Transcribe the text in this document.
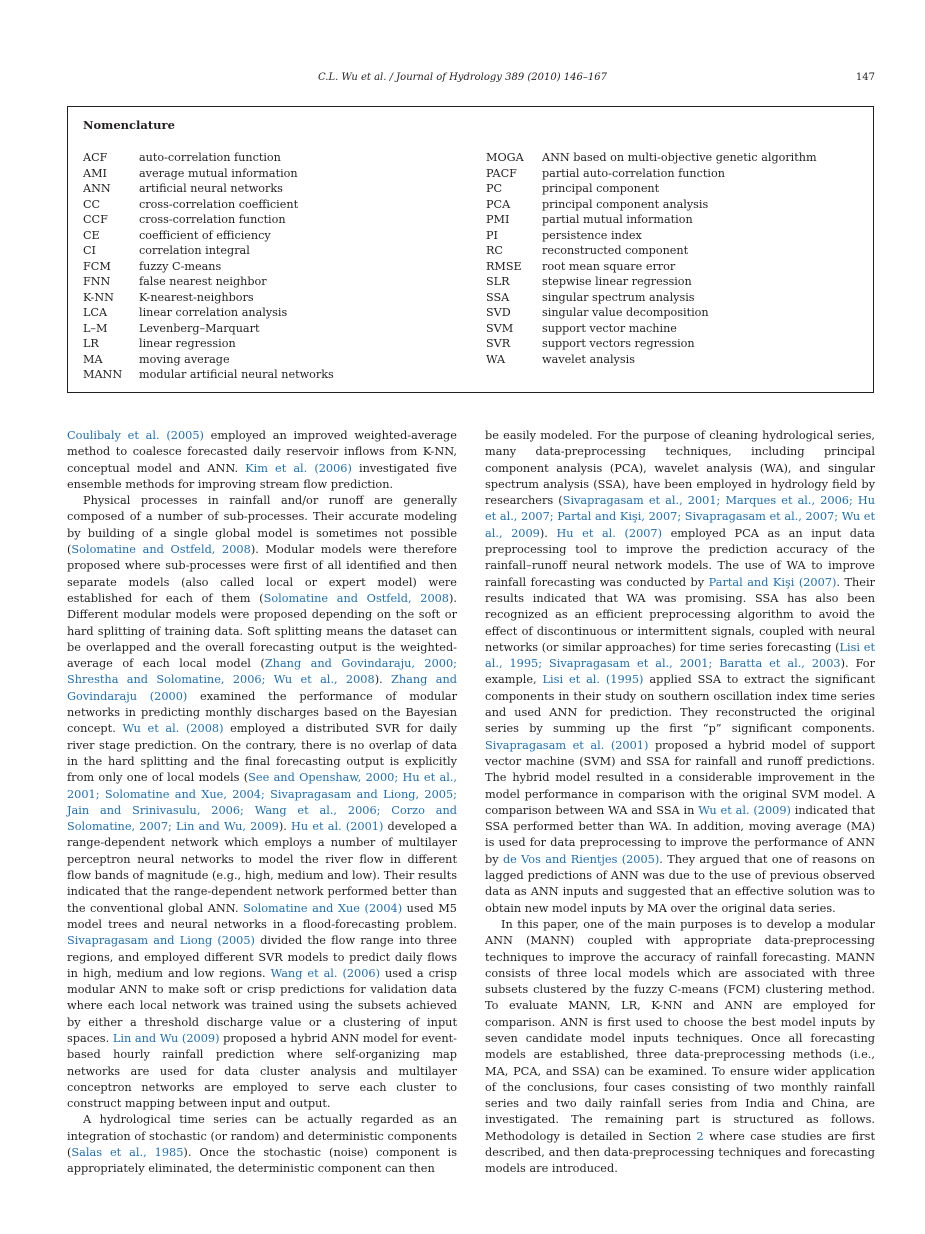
C.L. Wu et al. / Journal of Hydrology 389 (2010) 146–167	147
Nomenclature
ACF	auto-correlation function
AMI	average mutual information
ANN	artificial neural networks
CC	cross-correlation coefficient
CCF	cross-correlation function
CE	coefficient of efficiency
CI	correlation integral
FCM	fuzzy C-means
FNN	false nearest neighbor
K-NN	K-nearest-neighbors
LCA	linear correlation analysis
L–M	Levenberg–Marquart
LR	linear regression
MA	moving average
MANN	modular artificial neural networks
MOGA	ANN based on multi-objective genetic algorithm
PACF	partial auto-correlation function
PC	principal component
PCA	principal component analysis
PMI	partial mutual information
PI	persistence index
RC	reconstructed component
RMSE	root mean square error
SLR	stepwise linear regression
SSA	singular spectrum analysis
SVD	singular value decomposition
SVM	support vector machine
SVR	support vectors regression
WA	wavelet analysis

Coulibaly et al. (2005) employed an improved weighted-average method to coalesce forecasted daily reservoir inflows from K-NN, conceptual model and ANN. Kim et al. (2006) investigated five ensemble methods for improving stream flow prediction.

Physical processes in rainfall and/or runoff are generally composed of a number of sub-processes. Their accurate modeling by building of a single global model is sometimes not possible (Solomatine and Ostfeld, 2008). Modular models were therefore proposed where sub-processes were first of all identified and then separate models (also called local or expert model) were established for each of them (Solomatine and Ostfeld, 2008). Different modular models were proposed depending on the soft or hard splitting of training data. Soft splitting means the dataset can be overlapped and the overall forecasting output is the weighted-average of each local model (Zhang and Govindaraju, 2000; Shrestha and Solomatine, 2006; Wu et al., 2008). Zhang and Govindaraju (2000) examined the performance of modular networks in predicting monthly discharges based on the Bayesian concept. Wu et al. (2008) employed a distributed SVR for daily river stage prediction. On the contrary, there is no overlap of data in the hard splitting and the final forecasting output is explicitly from only one of local models (See and Openshaw, 2000; Hu et al., 2001; Solomatine and Xue, 2004; Sivapragasam and Liong, 2005; Jain and Srinivasulu, 2006; Wang et al., 2006; Corzo and Solomatine, 2007; Lin and Wu, 2009). Hu et al. (2001) developed a range-dependent network which employs a number of multilayer perceptron neural networks to model the river flow in different flow bands of magnitude (e.g., high, medium and low). Their results indicated that the range-dependent network performed better than the conventional global ANN. Solomatine and Xue (2004) used M5 model trees and neural networks in a flood-forecasting problem. Sivapragasam and Liong (2005) divided the flow range into three regions, and employed different SVR models to predict daily flows in high, medium and low regions. Wang et al. (2006) used a crisp modular ANN to make soft or crisp predictions for validation data where each local network was trained using the subsets achieved by either a threshold discharge value or a clustering of input spaces. Lin and Wu (2009) proposed a hybrid ANN model for event-based hourly rainfall prediction where self-organizing map networks are used for data cluster analysis and multilayer conceptron networks are employed to serve each cluster to construct mapping between input and output.

A hydrological time series can be actually regarded as an integration of stochastic (or random) and deterministic components (Salas et al., 1985). Once the stochastic (noise) component is appropriately eliminated, the deterministic component can then

be easily modeled. For the purpose of cleaning hydrological series, many data-preprocessing techniques, including principal component analysis (PCA), wavelet analysis (WA), and singular spectrum analysis (SSA), have been employed in hydrology field by researchers (Sivapragasam et al., 2001; Marques et al., 2006; Hu et al., 2007; Partal and Kişi, 2007; Sivapragasam et al., 2007; Wu et al., 2009). Hu et al. (2007) employed PCA as an input data preprocessing tool to improve the prediction accuracy of the rainfall–runoff neural network models. The use of WA to improve rainfall forecasting was conducted by Partal and Kişi (2007). Their results indicated that WA was promising. SSA has also been recognized as an efficient preprocessing algorithm to avoid the effect of discontinuous or intermittent signals, coupled with neural networks (or similar approaches) for time series forecasting (Lisi et al., 1995; Sivapragasam et al., 2001; Baratta et al., 2003). For example, Lisi et al. (1995) applied SSA to extract the significant components in their study on southern oscillation index time series and used ANN for prediction. They reconstructed the original series by summing up the first “p” significant components. Sivapragasam et al. (2001) proposed a hybrid model of support vector machine (SVM) and SSA for rainfall and runoff predictions. The hybrid model resulted in a considerable improvement in the model performance in comparison with the original SVM model. A comparison between WA and SSA in Wu et al. (2009) indicated that SSA performed better than WA. In addition, moving average (MA) is used for data preprocessing to improve the performance of ANN by de Vos and Rientjes (2005). They argued that one of reasons on lagged predictions of ANN was due to the use of previous observed data as ANN inputs and suggested that an effective solution was to obtain new model inputs by MA over the original data series.

In this paper, one of the main purposes is to develop a modular ANN (MANN) coupled with appropriate data-preprocessing techniques to improve the accuracy of rainfall forecasting. MANN consists of three local models which are associated with three subsets clustered by the fuzzy C-means (FCM) clustering method. To evaluate MANN, LR, K-NN and ANN are employed for comparison. ANN is first used to choose the best model inputs by seven candidate model inputs techniques. Once all forecasting models are established, three data-preprocessing methods (i.e., MA, PCA, and SSA) can be examined. To ensure wider application of the conclusions, four cases consisting of two monthly rainfall series and two daily rainfall series from India and China, are investigated. The remaining part is structured as follows. Methodology is detailed in Section 2 where case studies are first described, and then data-preprocessing techniques and forecasting models are introduced.
